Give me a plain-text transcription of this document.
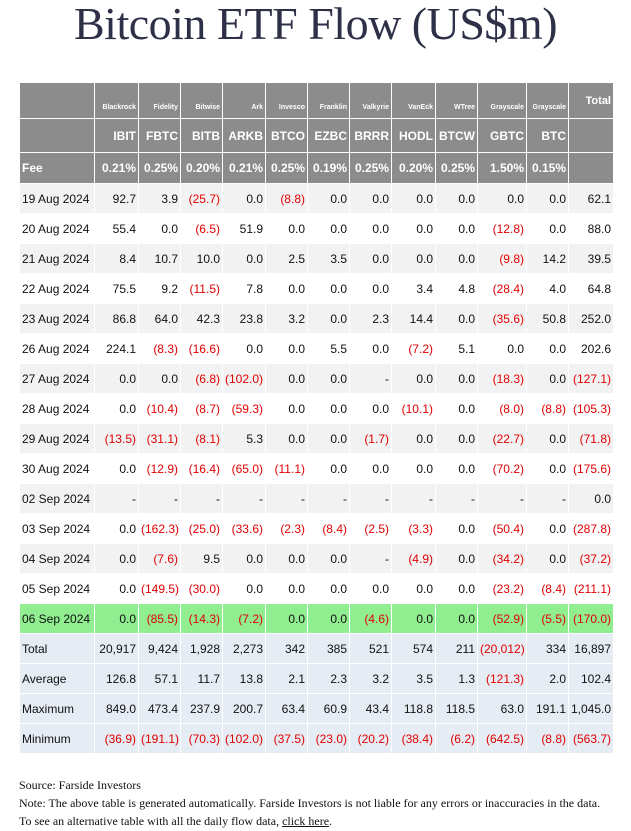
Bitcoin ETF Flow (US$m)
	Blackrock	Fidelity	Bitwise	Ark	Invesco	Franklin	Valkyrie	VanEck	WTree	Grayscale	Grayscale	Total
	IBIT	FBTC	BITB	ARKB	BTCO	EZBC	BRRR	HODL	BTCW	GBTC	BTC	
Fee	0.21%	0.25%	0.20%	0.21%	0.25%	0.19%	0.25%	0.20%	0.25%	1.50%	0.15%	
19 Aug 2024	92.7	3.9	(25.7)	0.0	(8.8)	0.0	0.0	0.0	0.0	0.0	0.0	62.1
20 Aug 2024	55.4	0.0	(6.5)	51.9	0.0	0.0	0.0	0.0	0.0	(12.8)	0.0	88.0
21 Aug 2024	8.4	10.7	10.0	0.0	2.5	3.5	0.0	0.0	0.0	(9.8)	14.2	39.5
22 Aug 2024	75.5	9.2	(11.5)	7.8	0.0	0.0	0.0	3.4	4.8	(28.4)	4.0	64.8
23 Aug 2024	86.8	64.0	42.3	23.8	3.2	0.0	2.3	14.4	0.0	(35.6)	50.8	252.0
26 Aug 2024	224.1	(8.3)	(16.6)	0.0	0.0	5.5	0.0	(7.2)	5.1	0.0	0.0	202.6
27 Aug 2024	0.0	0.0	(6.8)	(102.0)	0.0	0.0	-	0.0	0.0	(18.3)	0.0	(127.1)
28 Aug 2024	0.0	(10.4)	(8.7)	(59.3)	0.0	0.0	0.0	(10.1)	0.0	(8.0)	(8.8)	(105.3)
29 Aug 2024	(13.5)	(31.1)	(8.1)	5.3	0.0	0.0	(1.7)	0.0	0.0	(22.7)	0.0	(71.8)
30 Aug 2024	0.0	(12.9)	(16.4)	(65.0)	(11.1)	0.0	0.0	0.0	0.0	(70.2)	0.0	(175.6)
02 Sep 2024	-	-	-	-	-	-	-	-	-	-	-	0.0
03 Sep 2024	0.0	(162.3)	(25.0)	(33.6)	(2.3)	(8.4)	(2.5)	(3.3)	0.0	(50.4)	0.0	(287.8)
04 Sep 2024	0.0	(7.6)	9.5	0.0	0.0	0.0	-	(4.9)	0.0	(34.2)	0.0	(37.2)
05 Sep 2024	0.0	(149.5)	(30.0)	0.0	0.0	0.0	0.0	0.0	0.0	(23.2)	(8.4)	(211.1)
06 Sep 2024	0.0	(85.5)	(14.3)	(7.2)	0.0	0.0	(4.6)	0.0	0.0	(52.9)	(5.5)	(170.0)
Total	20,917	9,424	1,928	2,273	342	385	521	574	211	(20,012)	334	16,897
Average	126.8	57.1	11.7	13.8	2.1	2.3	3.2	3.5	1.3	(121.3)	2.0	102.4
Maximum	849.0	473.4	237.9	200.7	63.4	60.9	43.4	118.8	118.5	63.0	191.1	1,045.0
Minimum	(36.9)	(191.1)	(70.3)	(102.0)	(37.5)	(23.0)	(20.2)	(38.4)	(6.2)	(642.5)	(8.8)	(563.7)

Source: Farside Investors

Note: The above table is generated automatically. Farside Investors is not liable for any errors or inaccuracies in the data. To see an alternative table with all the daily flow data, click here.
